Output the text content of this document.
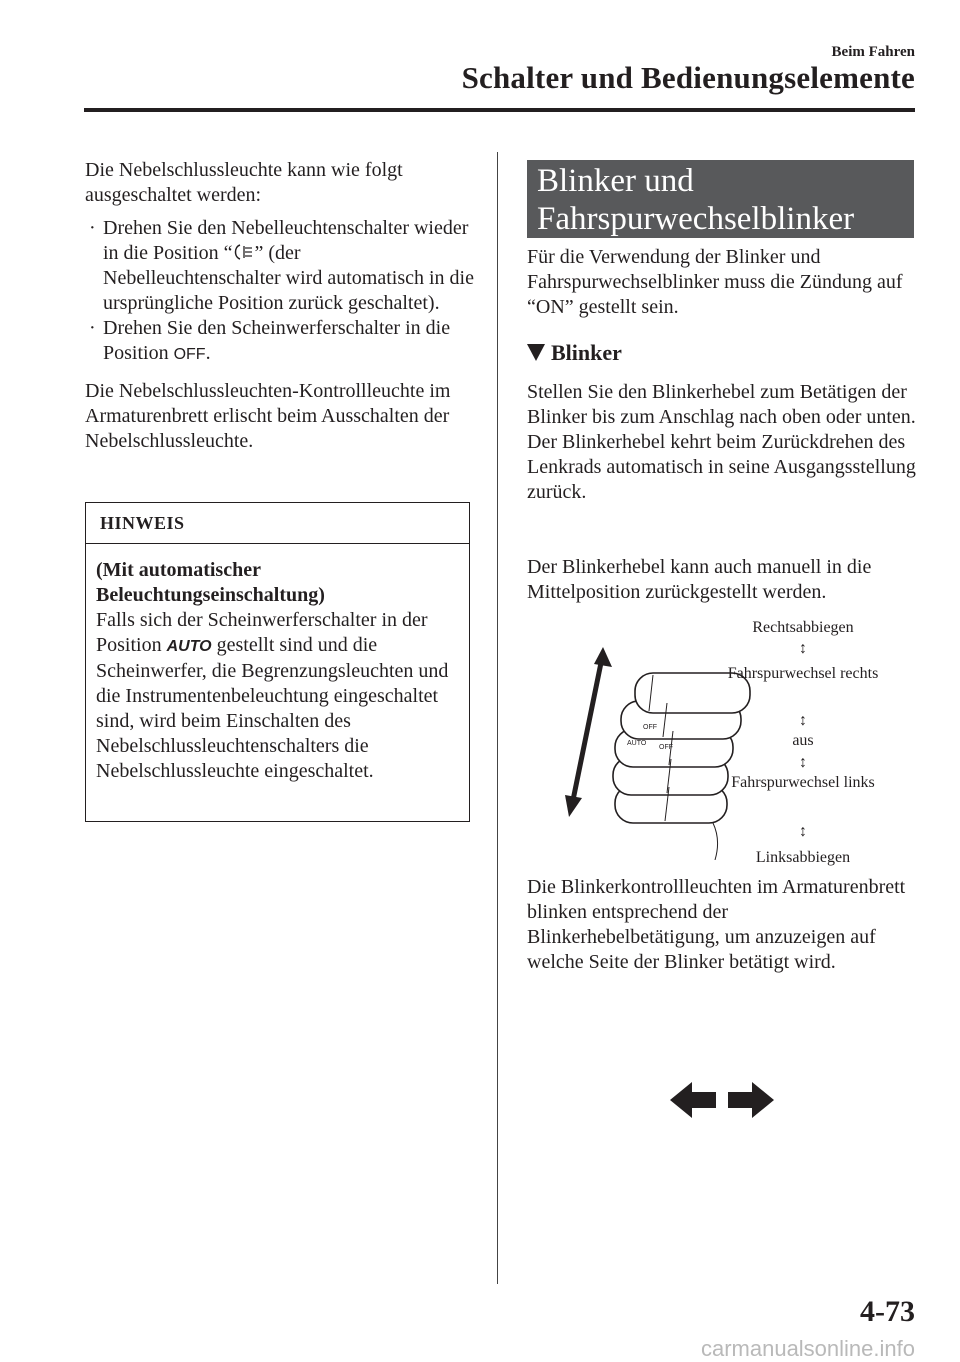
Beim Fahren
Schalter und Bedienungselemente

Die Nebelschlussleuchte kann wie folgt ausgeschaltet werden:

· Drehen Sie den Nebelleuchtenschalter wieder in die Position “ ” (der Nebelleuchtenschalter wird automatisch in die ursprüngliche Position zurück geschaltet).
· Drehen Sie den Scheinwerferschalter in die Position OFF.

Die Nebelschlussleuchten-Kontrollleuchte im Armaturenbrett erlischt beim Ausschalten der Nebelschlussleuchte.

HINWEIS
(Mit automatischer Beleuchtungseinschaltung)
Falls sich der Scheinwerferschalter in der Position AUTO gestellt sind und die Scheinwerfer, die Begrenzungsleuchten und die Instrumentenbeleuchtung eingeschaltet sind, wird beim Einschalten des Nebelschlussleuchtenschalters die Nebelschlussleuchte eingeschaltet.
Blinker und Fahrspurwechselblinker
Für die Verwendung der Blinker und Fahrspurwechselblinker muss die Zündung auf “ON” gestellt sein.
Blinker
Stellen Sie den Blinkerhebel zum Betätigen der Blinker bis zum Anschlag nach oben oder unten. Der Blinkerhebel kehrt beim Zurückdrehen des Lenkrads automatisch in seine Ausgangsstellung zurück.
Der Blinkerhebel kann auch manuell in die Mittelposition zurückgestellt werden.
OFF
AUTO
OFF
Rechtsabbiegen
↕
Fahrspurwechsel rechts
↕
aus
↕
Fahrspurwechsel links
↕
Linksabbiegen
Die Blinkerkontrollleuchten im Armaturenbrett blinken entsprechend der Blinkerhebelbetätigung, um anzuzeigen auf welche Seite der Blinker betätigt wird.
4-73
carmanualsonline.info
